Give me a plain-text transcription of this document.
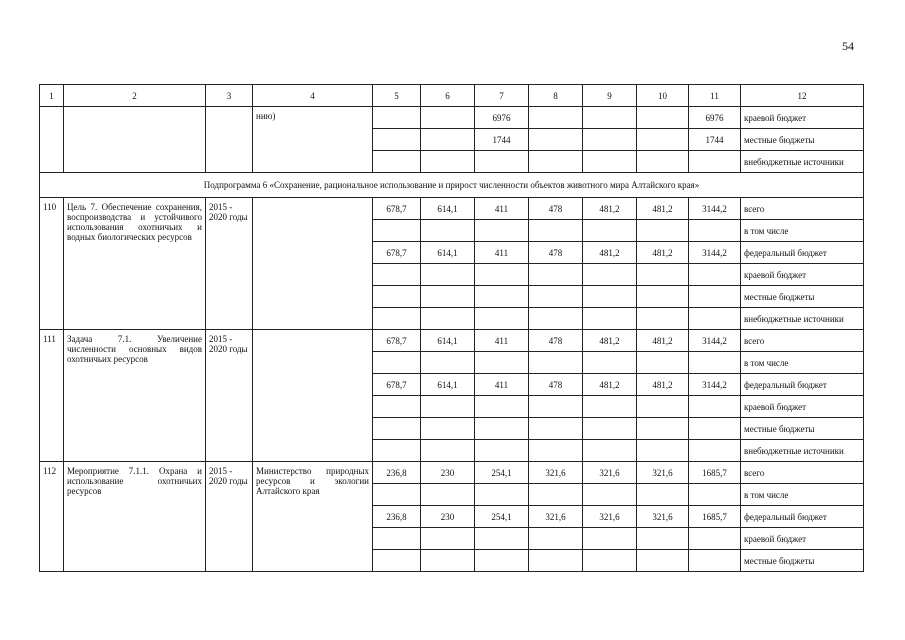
54
1	2	3	4	5	6	7	8	9	10	11	12
			нию)			6976				6976	краевой бюджет
						1744				1744	местные бюджеты
											внебюджетные источники
Подпрограмма 6 «Сохранение, рациональное использование и прирост численности объектов животного мира Алтайского края»											
110	Цель 7. Обеспечение сохранения, воспроизводства и устойчивого использования охотничьих и водных биологических ресурсов	2015 - 2020 годы		678,7	614,1	411	478	481,2	481,2	3144,2	всего
											в том числе
				678,7	614,1	411	478	481,2	481,2	3144,2	федеральный бюджет
											краевой бюджет
											местные бюджеты
											внебюджетные источники
111	Задача 7.1. Увеличение численности основных видов охотничьих ресурсов	2015 - 2020 годы		678,7	614,1	411	478	481,2	481,2	3144,2	всего
											в том числе
				678,7	614,1	411	478	481,2	481,2	3144,2	федеральный бюджет
											краевой бюджет
											местные бюджеты
											внебюджетные источники
112	Мероприятие 7.1.1. Охрана и использование охотничьих ресурсов	2015 - 2020 годы	Министерство природных ресурсов и экологии Алтайского края	236,8	230	254,1	321,6	321,6	321,6	1685,7	всего
											в том числе
				236,8	230	254,1	321,6	321,6	321,6	1685,7	федеральный бюджет
											краевой бюджет
											местные бюджеты
